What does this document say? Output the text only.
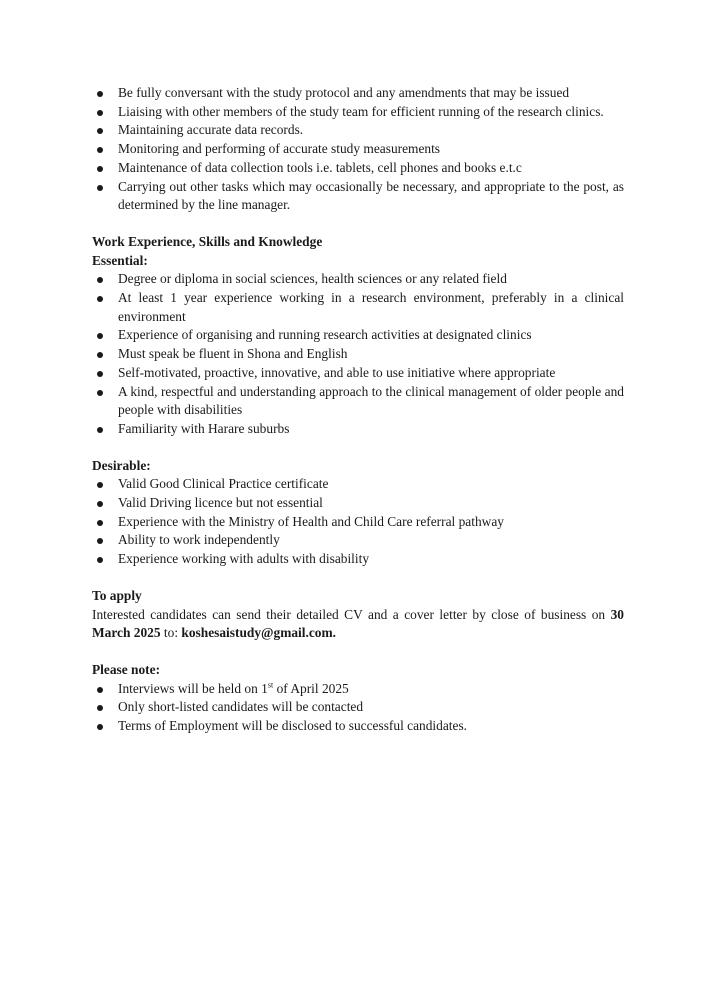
Be fully conversant with the study protocol and any amendments that may be issued
Liaising with other members of the study team for efficient running of the research clinics.
Maintaining accurate data records.
Monitoring and performing of accurate study measurements
Maintenance of data collection tools i.e. tablets, cell phones and books e.t.c
Carrying out other tasks which may occasionally be necessary, and appropriate to the post, as determined by the line manager.

Work Experience, Skills and Knowledge

Essential:

Degree or diploma in social sciences, health sciences or any related field
At least 1 year experience working in a research environment, preferably in a clinical environment
Experience of organising and running research activities at designated clinics
Must speak be fluent in Shona and English
Self-motivated, proactive, innovative, and able to use initiative where appropriate
A kind, respectful and understanding approach to the clinical management of older people and people with disabilities
Familiarity with Harare suburbs

Desirable:

Valid Good Clinical Practice certificate
Valid Driving licence but not essential
Experience with the Ministry of Health and Child Care referral pathway
Ability to work independently
Experience working with adults with disability

To apply

Interested candidates can send their detailed CV and a cover letter by close of business on 30 March 2025 to: koshesaistudy@gmail.com.

Please note:

Interviews will be held on 1st of April 2025
Only short-listed candidates will be contacted
Terms of Employment will be disclosed to successful candidates.
